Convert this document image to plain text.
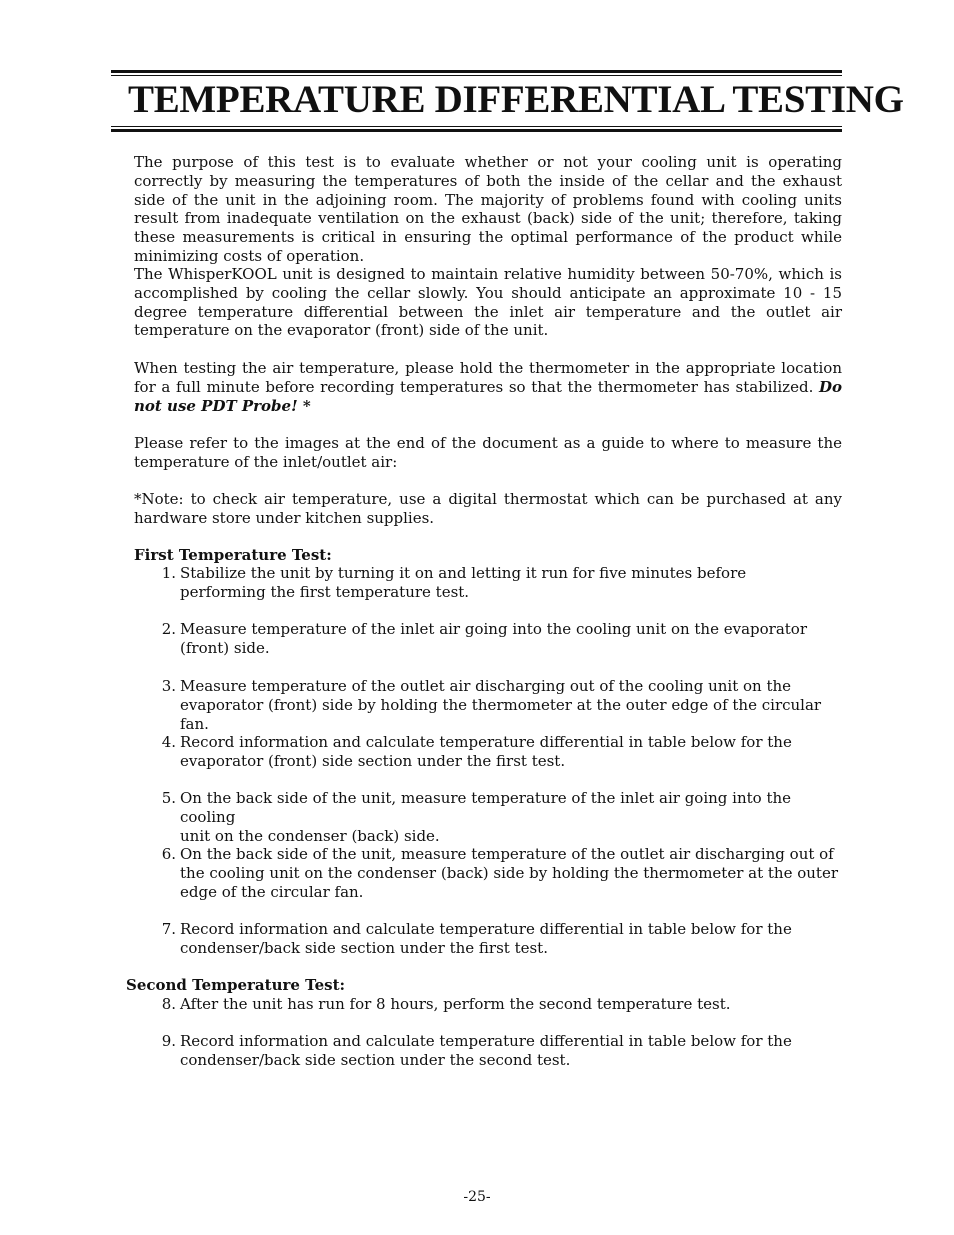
TEMPERATURE DIFFERENTIAL TESTING

The purpose of this test is to evaluate whether or not your cooling unit is operating correctly by measuring the temperatures of both the inside of the cellar and the exhaust side of the unit in the adjoining room. The majority of problems found with cooling units result from inadequate ventilation on the exhaust (back) side of the unit; therefore, taking these measurements is critical in ensuring the optimal performance of the product while minimizing costs of operation.

The WhisperKOOL unit is designed to maintain relative humidity between 50-70%, which is accomplished by cooling the cellar slowly. You should anticipate an approximate 10 - 15 degree temperature differential between the inlet air temperature and the outlet air temperature on the evaporator (front) side of the unit.

When testing the air temperature, please hold the thermometer in the appropriate location for a full minute before recording temperatures so that the thermometer has stabilized. Do not use PDT Probe! *

Please refer to the images at the end of the document as a guide to where to measure the temperature of the inlet/outlet air:

*Note: to check air temperature, use a digital thermostat which can be purchased at any hardware store under kitchen supplies.

First Temperature Test:
1. Stabilize the unit by turning it on and letting it run for five minutes before
performing the first temperature test.
2. Measure temperature of the inlet air going into the cooling unit on the evaporator
(front) side.
3. Measure temperature of the outlet air discharging out of the cooling unit on the
evaporator (front) side by holding the thermometer at the outer edge of the circular fan.
4. Record information and calculate temperature differential in table below for the
evaporator (front) side section under the first test.
5. On the back side of the unit, measure temperature of the inlet air going into the cooling
unit on the condenser (back) side.
6. On the back side of the unit, measure temperature of the outlet air discharging out of
the cooling unit on the condenser (back) side by holding the thermometer at the outer
edge of the circular fan.
7. Record information and calculate temperature differential in table below for the
condenser/back side section under the first test.
Second Temperature Test:
8. After the unit has run for 8 hours, perform the second temperature test.
9. Record information and calculate temperature differential in table below for the
condenser/back side section under the second test.
-25-
